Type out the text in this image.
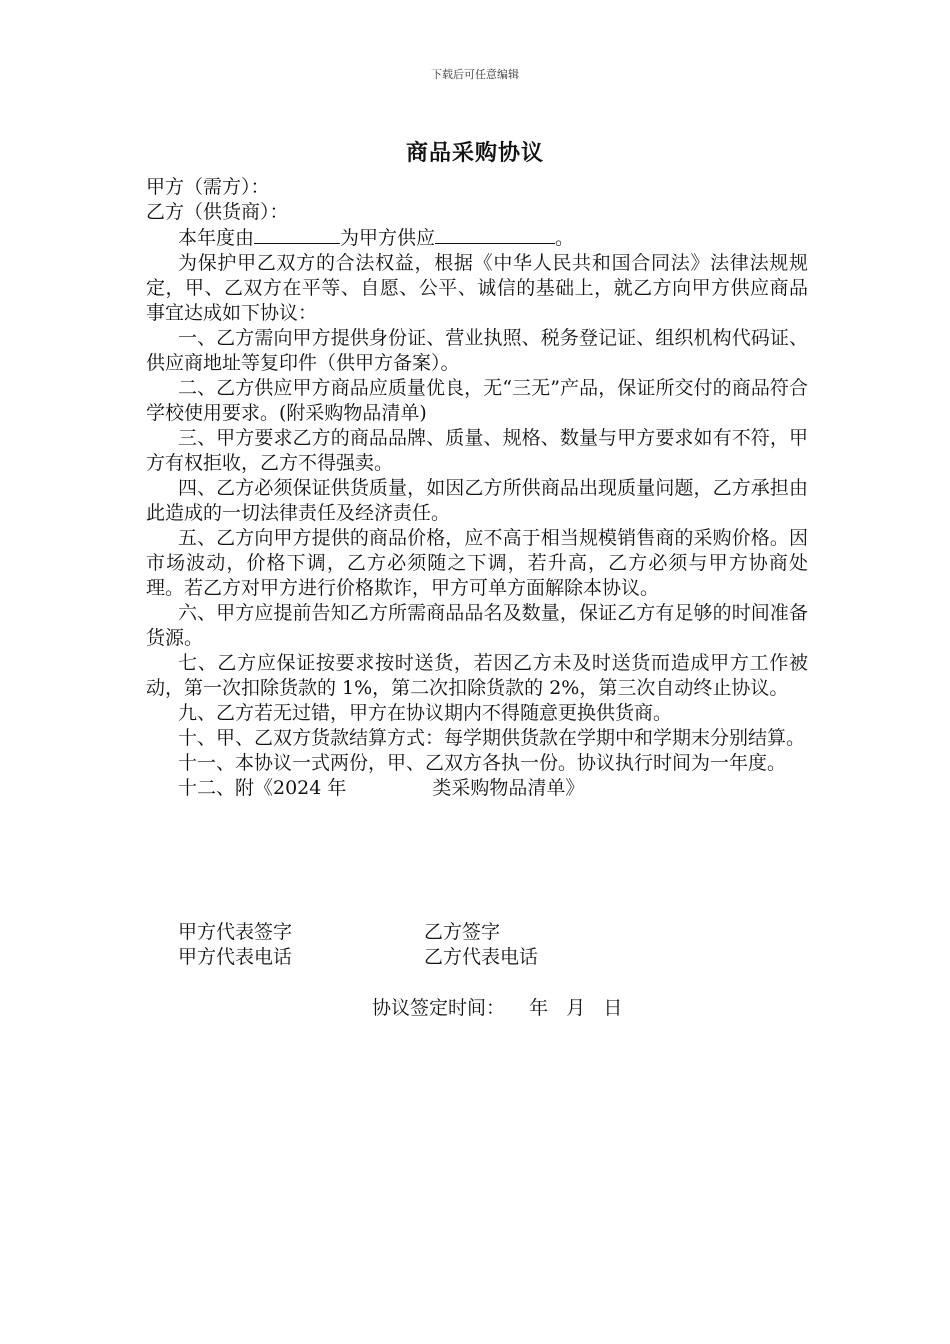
下载后可任意编辑
商品采购协议

甲方（需方）：

乙方（供货商）：

本年度由	为甲方供应	。

为保护甲乙双方的合法权益，根据《中华人民共和国合同法》法律法规规定，甲、乙双方在平等、自愿、公平、诚信的基础上，就乙方向甲方供应商品事宜达成如下协议：

一、乙方需向甲方提供身份证、营业执照、税务登记证、组织机构代码证、供应商地址等复印件（供甲方备案）。

二、乙方供应甲方商品应质量优良，无“三无”产品，保证所交付的商品符合学校使用要求。(附采购物品清单)

三、甲方要求乙方的商品品牌、质量、规格、数量与甲方要求如有不符，甲方有权拒收，乙方不得强卖。

四、乙方必须保证供货质量，如因乙方所供商品出现质量问题，乙方承担由此造成的一切法律责任及经济责任。

五、乙方向甲方提供的商品价格，应不高于相当规模销售商的采购价格。因市场波动，价格下调，乙方必须随之下调，若升高，乙方必须与甲方协商处理。若乙方对甲方进行价格欺诈，甲方可单方面解除本协议。

六、甲方应提前告知乙方所需商品品名及数量，保证乙方有足够的时间准备货源。

七、乙方应保证按要求按时送货，若因乙方未及时送货而造成甲方工作被动，第一次扣除货款的 1%，第二次扣除货款的 2%，第三次自动终止协议。

九、乙方若无过错，甲方在协议期内不得随意更换供货商。

十、甲、乙双方货款结算方式：每学期供货款在学期中和学期末分别结算。

十一、本协议一式两份，甲、乙双方各执一份。协议执行时间为一年度。

十二、附《2024 年	类采购物品清单》

甲方代表签字	乙方签字
甲方代表电话	乙方代表电话
协议签定时间：    年   月   日
